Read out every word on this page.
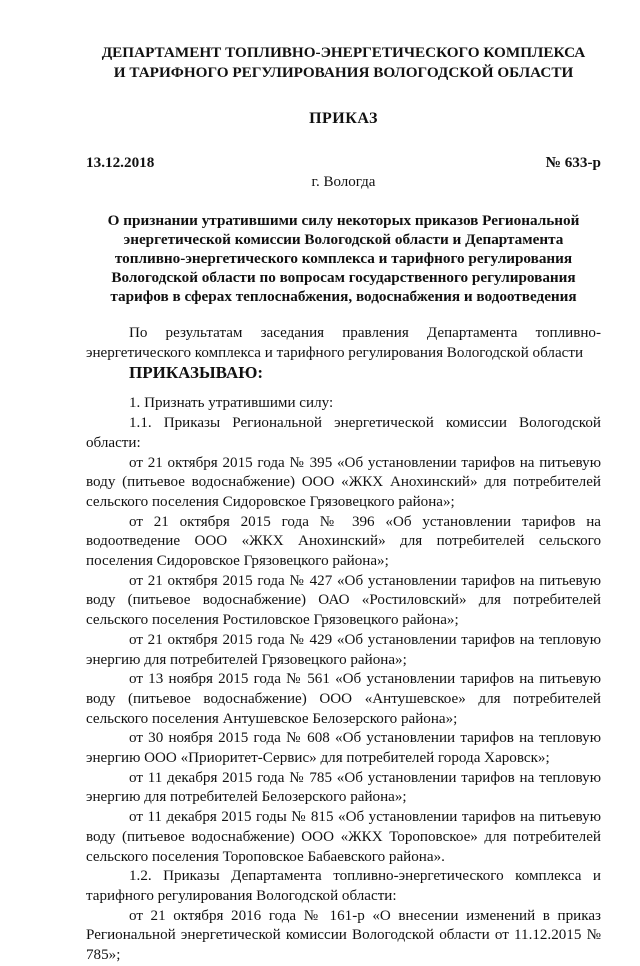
ДЕПАРТАМЕНТ ТОПЛИВНО-ЭНЕРГЕТИЧЕСКОГО КОМПЛЕКСА
И ТАРИФНОГО РЕГУЛИРОВАНИЯ ВОЛОГОДСКОЙ ОБЛАСТИ
ПРИКАЗ
13.12.2018	№ 633-р
г. Вологда
О признании утратившими силу некоторых приказов Региональной
энергетической комиссии Вологодской области и Департамента
топливно-энергетического комплекса и тарифного регулирования
Вологодской области по вопросам государственного регулирования
тарифов в сферах теплоснабжения, водоснабжения и водоотведения

По результатам заседания правления Департамента топливно-энергетического комплекса и тарифного регулирования Вологодской области

ПРИКАЗЫВАЮ:

1. Признать утратившими силу:

1.1. Приказы Региональной энергетической комиссии Вологодской области:

от 21 октября 2015 года № 395 «Об установлении тарифов на питьевую воду (питьевое водоснабжение) ООО «ЖКХ Анохинский» для потребителей сельского поселения Сидоровское Грязовецкого района»;

от 21 октября 2015 года № 396 «Об установлении тарифов на водоотведение ООО «ЖКХ Анохинский» для потребителей сельского поселения Сидоровское Грязовецкого района»;

от 21 октября 2015 года № 427 «Об установлении тарифов на питьевую воду (питьевое водоснабжение) ОАО «Ростиловский» для потребителей сельского поселения Ростиловское Грязовецкого района»;

от 21 октября 2015 года № 429 «Об установлении тарифов на тепловую энергию для потребителей Грязовецкого района»;

от 13 ноября 2015 года № 561 «Об установлении тарифов на питьевую воду (питьевое водоснабжение) ООО «Антушевское» для потребителей сельского поселения Антушевское Белозерского района»;

от 30 ноября 2015 года № 608 «Об установлении тарифов на тепловую энергию ООО «Приоритет-Сервис» для потребителей города Харовск»;

от 11 декабря 2015 года № 785 «Об установлении тарифов на тепловую энергию для потребителей Белозерского района»;

от 11 декабря 2015 годы № 815 «Об установлении тарифов на питьевую воду (питьевое водоснабжение) ООО «ЖКХ Тороповское» для потребителей сельского поселения Тороповское Бабаевского района».

1.2. Приказы Департамента топливно-энергетического комплекса и тарифного регулирования Вологодской области:

от 21 октября 2016 года № 161-р «О внесении изменений в приказ Региональной энергетической комиссии Вологодской области от 11.12.2015 № 785»;
